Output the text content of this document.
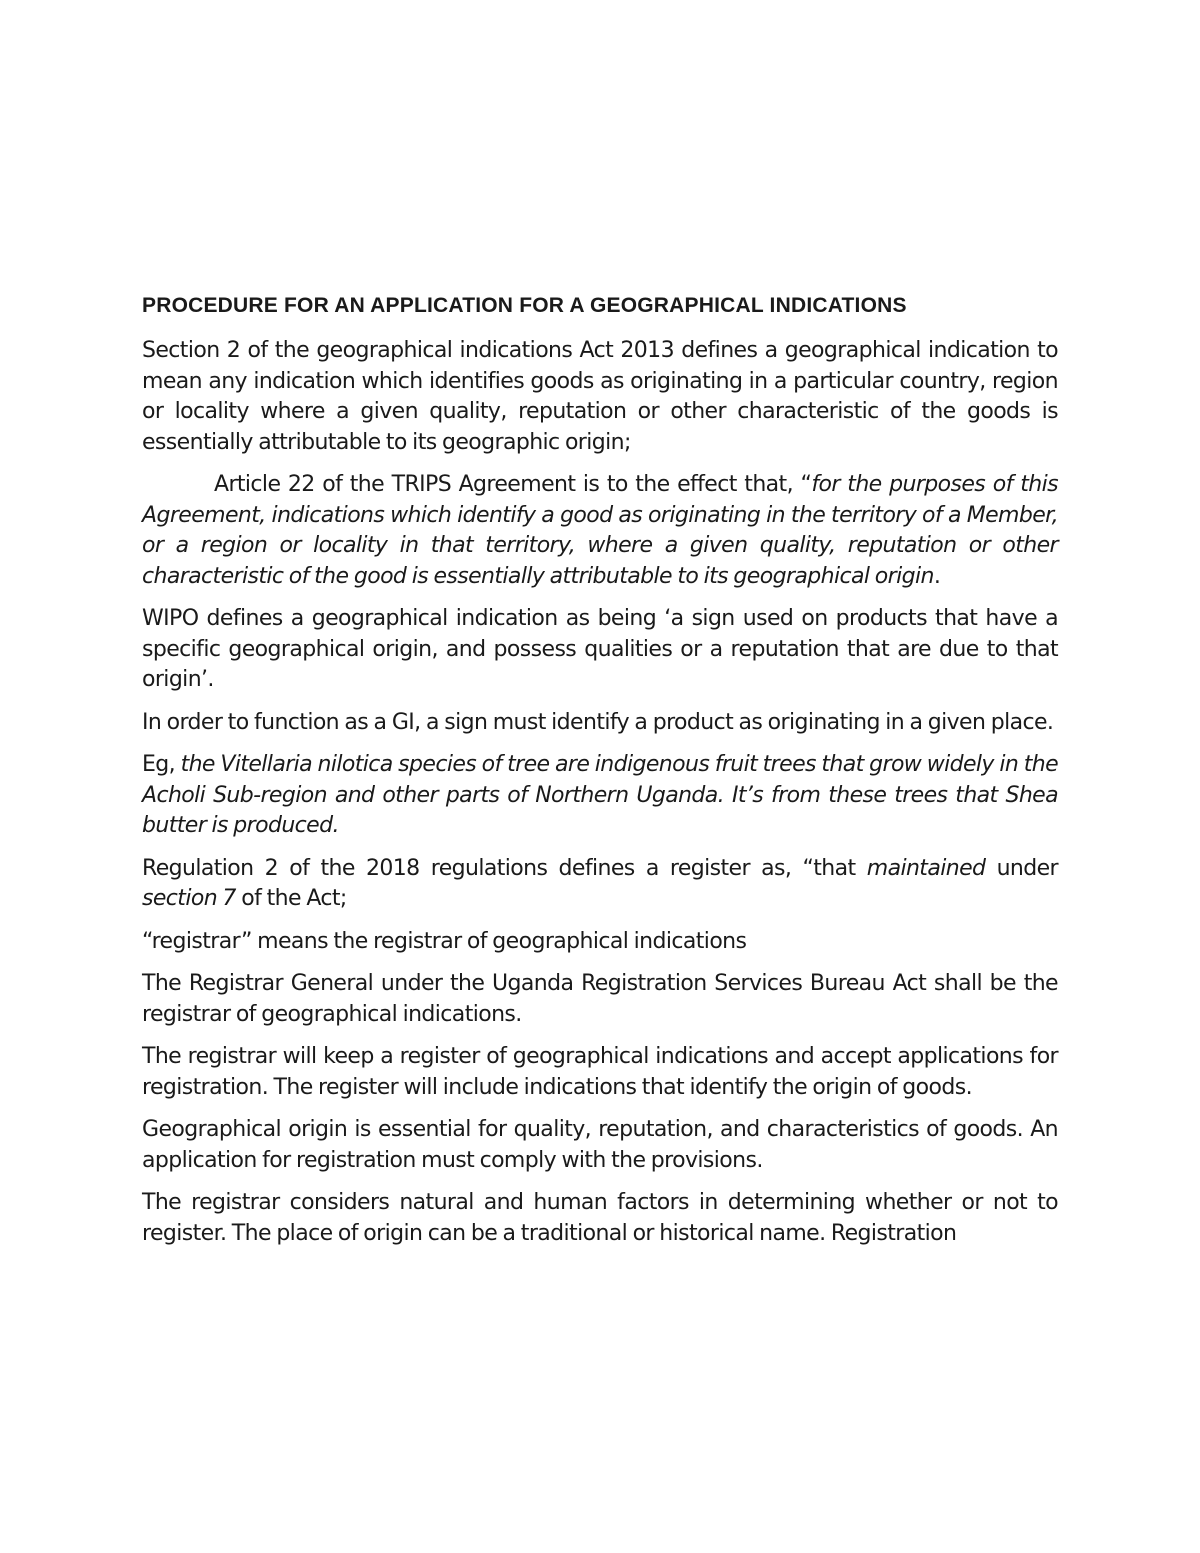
PROCEDURE FOR AN APPLICATION FOR A GEOGRAPHICAL INDICATIONS

Section 2 of the geographical indications Act 2013 defines a geographical indication to mean any indication which identifies goods as originating in a particular country, region or locality where a given quality, reputation or other characteristic of the goods is essentially attributable to its geographic origin;

Article 22 of the TRIPS Agreement is to the effect that, “for the purposes of this Agreement, indications which identify a good as originating in the territory of a Member, or a region or locality in that territory, where a given quality, reputation or other characteristic of the good is essentially attributable to its geographical origin.

WIPO defines a geographical indication as being ‘a sign used on products that have a specific geographical origin, and possess qualities or a reputation that are due to that origin’.

In order to function as a GI, a sign must identify a product as originating in a given place.

Eg, the Vitellaria nilotica species of tree are indigenous fruit trees that grow widely in the Acholi Sub-region and other parts of Northern Uganda. It’s from these trees that Shea butter is produced.

Regulation 2 of the 2018 regulations defines a register as, “that maintained under section 7 of the Act;

“registrar” means the registrar of geographical indications

The Registrar General under the Uganda Registration Services Bureau Act shall be the registrar of geographical indications.

The registrar will keep a register of geographical indications and accept applications for registration. The register will include indications that identify the origin of goods.

Geographical origin is essential for quality, reputation, and characteristics of goods. An application for registration must comply with the provisions.

The registrar considers natural and human factors in determining whether or not to register. The place of origin can be a traditional or historical name. Registration
